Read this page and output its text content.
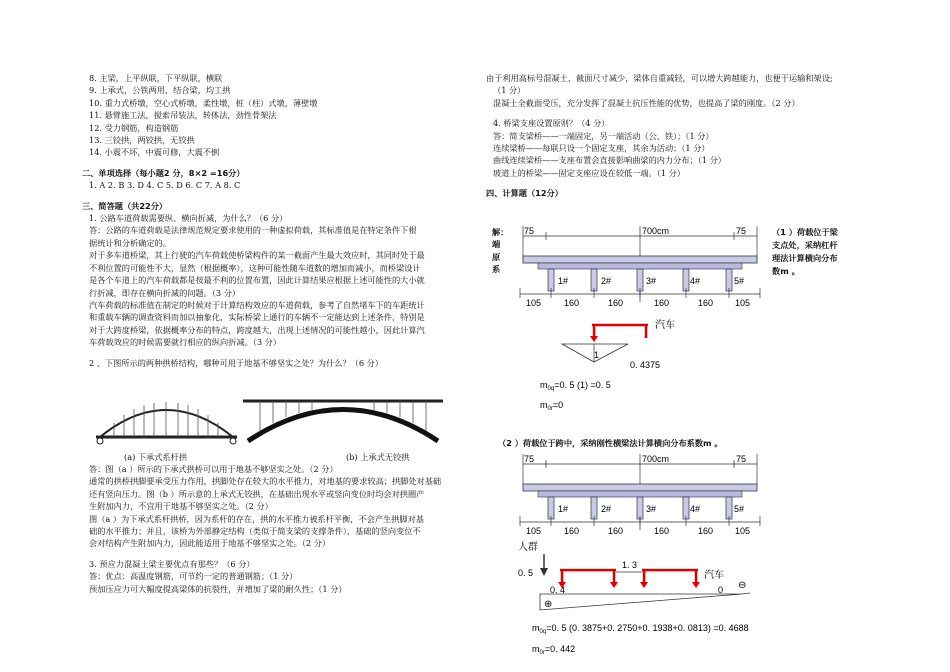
8. 主梁，上平纵联，下平纵联，横联

9. 上承式，公铁两用，结合梁，均工拱

10. 重力式桥墩，空心式桥墩，柔性墩，桩（柱）式墩，薄壁墩

11. 悬臂施工法，搅索吊装法，转体法，劲性骨架法

12. 受力钢筋，构造钢筋

13. 三铰拱，两铰拱，无铰拱

14. 小震不坏，中震可修，大震不倒

二、单项选择（每小题2 分，8×2 =16分）

1. A 2. B 3. D 4. C 5. D 6. C 7. A 8. C

三、简答题（共22分）

1. 公路车道荷载需要纵、横向折减，为什么？（6 分）

答：公路的车道荷载是法律规范规定要求使用的一种虚拟荷载，其标准值是在特定条件下根

据统计和分析确定的。

对于多车道桥梁，其上行驶的汽车荷载使桥梁构件的某一截面产生最大效应时，其同时处于最

不利位置的可能性不大，显然（根据概率），这种可能性随车道数的增加而减小，而桥梁设计

是各个车道上的汽车荷载都是按最不利的位置布置，因此计算结果应根据上述可能性的大小就

行折减，即存在横向折减的问题。（3 分）

汽车荷载的标准值在制定的时候对于计算结构效应的车道荷载，参考了自然堵车下的车距统计

和重载车辆的调查资料而加以抽象化，实际桥梁上通行的车辆不一定能达到上述条件，特别是

对于大跨度桥梁，依据概率分布的特点，跨度越大，出现上述情况的可能性越小，因此计算汽

车荷载效应的时候需要就行相应的纵向折减。（3 分）

2 、下图所示的两种拱桥结构，哪种可用于地基不够坚实之处？为什么？（6 分）

(a) 下承式系杆拱	(b) 上承式无铰拱

答：图（a ）所示的下承式拱桥可以用于地基不够坚实之处。（2 分）

通常的拱桥拱脚要承受压力作用，拱脚处存在较大的水平推力，对地基的要求较高；拱脚处对基础

还有竖向压力。图（b ）所示意的上承式无铰拱，在基础出现水平或竖向变位时均会对拱圈产

生附加内力，不宜用于地基不够坚实之处。（2 分）

图（a ）为下承式系杆拱桥，因为系杆的存在，拱的水平推力被系杆平衡，不会产生拱脚对基

础的水平推力；并且，该桥为外部静定结构（类似于简支梁的支撑条件），基础的竖向变位不

会对结构产生附加内力，因此能适用于地基不够坚实之处。（2 分）

3. 预应力混凝土梁主要优点有那些？（6 分）

答：优点：高温度钢筋，可节约一定的普通钢筋；（1 分）

预加压应力可大幅度提高梁体的抗裂性，并增加了梁的耐久性；（1 分）

由于利用高标号混凝土，截面尺寸减少，梁体自重减轻，可以增大跨越能力，也便于运输和架设;

（1 分）

混凝土全截面受压，充分发挥了混凝土抗压性能的优势，也提高了梁的刚度。（2 分）

4. 桥梁支座设置原则？（4 分）

答：简支梁桥——一端固定，另一端活动（公、铁）；（1 分）

连续梁桥——每联只设一个固定支座，其余为活动；（1 分）

曲线连续梁桥——支座布置会直接影响曲梁的内力分布；（1 分）

坡道上的桥梁——固定支座应设在较低一端。（1 分）

四、计算题（12分）

解：
端
原
系

（1 ）荷载位于梁

支点处，采纳杠杆

理法计算横向分布

数m 。

75	75
700cm
1#	2#	3#	4#	5#
105	160	160	160	160 105
汽车
1
0. 4375
$m_{0q}=0$. 5 (1) =0. 5
$m_{0r}=0$
（2 ）荷载位于跨中，采纳刚性横梁法计算横向分布系数m 。
75	75
700cm
1#	2#	3#	4#	5#
105	160	160	160	160 105
人群
0. 5
1. 3
汽车
0. 4	0
⊕
⊖
$m_{0q}=0$. 5 (0. 3875+0. 2750+0. 1938+0. 0813) =0. 4688
$m_{0r}=0$. 442
